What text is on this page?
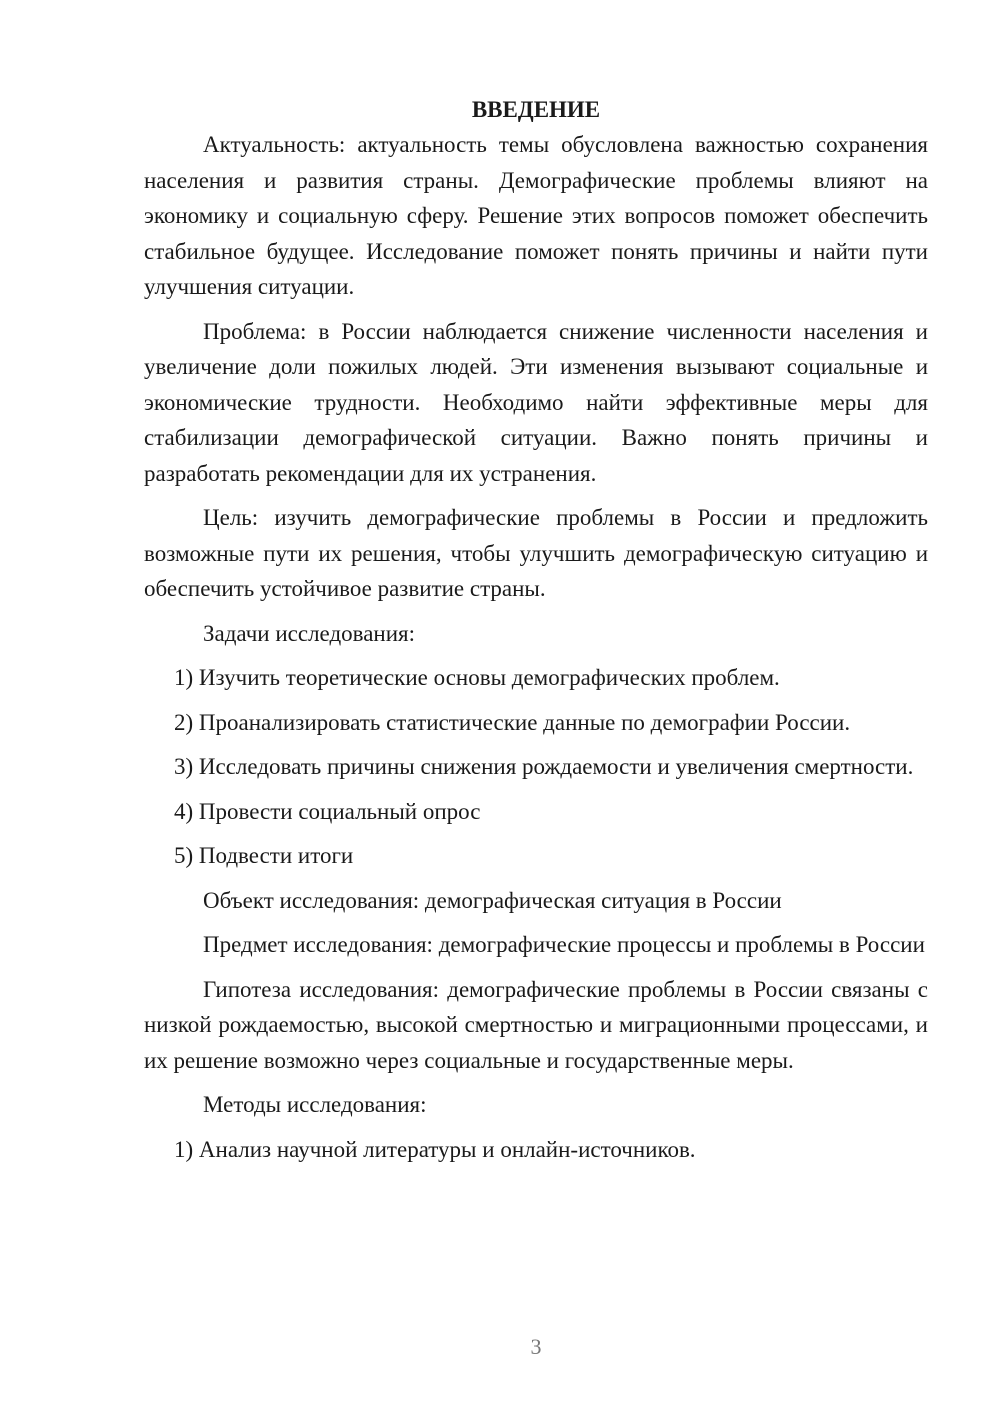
ВВЕДЕНИЕ

Актуальность: актуальность темы обусловлена важностью сохранения населения и развития страны. Демографические проблемы влияют на экономику и социальную сферу. Решение этих вопросов поможет обеспечить стабильное будущее. Исследование поможет понять причины и найти пути улучшения ситуации.

Проблема: в России наблюдается снижение численности населения и увеличение доли пожилых людей. Эти изменения вызывают социальные и экономические трудности. Необходимо найти эффективные меры для стабилизации демографической ситуации. Важно понять причины и разработать рекомендации для их устранения.

Цель: изучить демографические проблемы в России и предложить возможные пути их решения, чтобы улучшить демографическую ситуацию и обеспечить устойчивое развитие страны.

Задачи исследования:

1) Изучить теоретические основы демографических проблем.

2) Проанализировать статистические данные по демографии России.

3) Исследовать причины снижения рождаемости и увеличения смертности.

4) Провести социальный опрос

5) Подвести итоги

Объект исследования: демографическая ситуация в России

Предмет исследования: демографические процессы и проблемы в России

Гипотеза исследования: демографические проблемы в России связаны с низкой рождаемостью, высокой смертностью и миграционными процессами, и их решение возможно через социальные и государственные меры.

Методы исследования:

1) Анализ научной литературы и онлайн-источников.

3
